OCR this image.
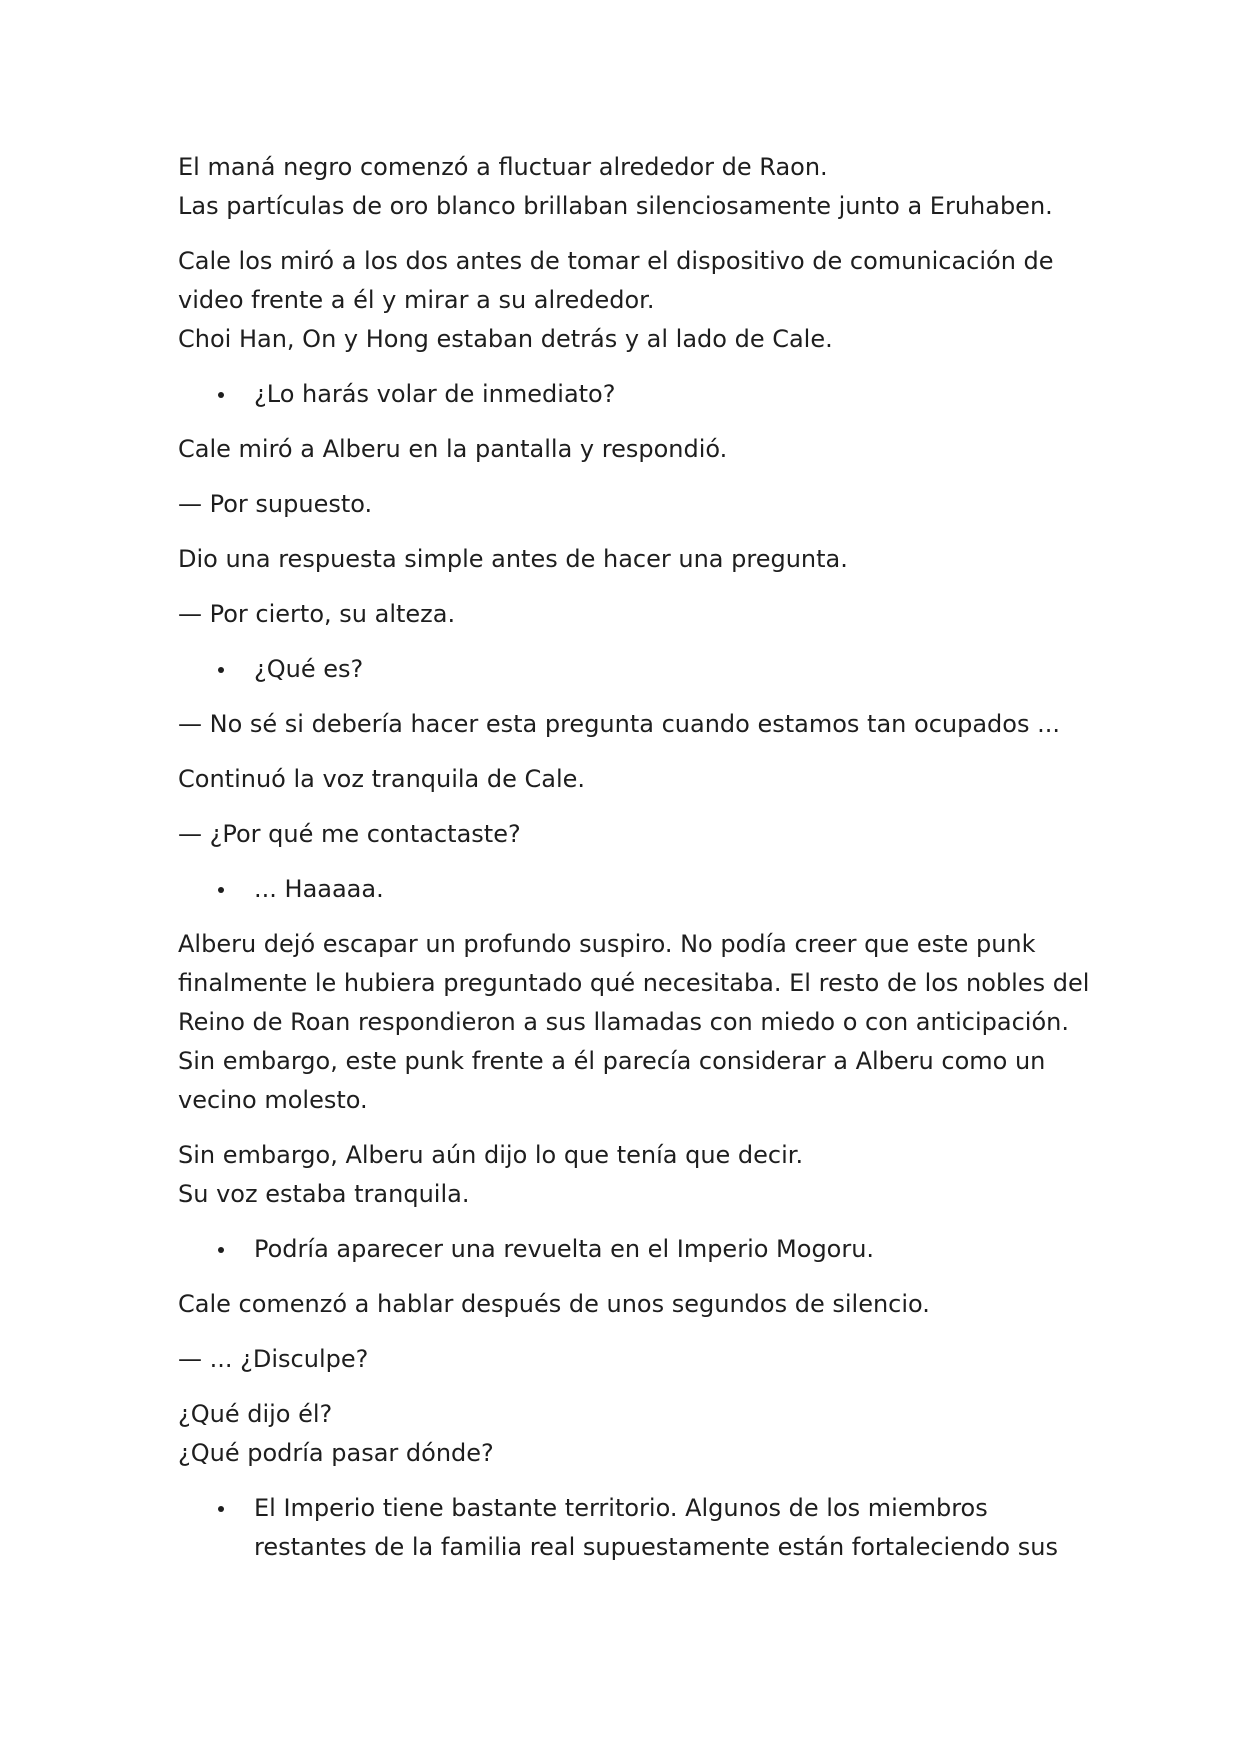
El maná negro comenzó a fluctuar alrededor de Raon.
Las partículas de oro blanco brillaban silenciosamente junto a Eruhaben.
Cale los miró a los dos antes de tomar el dispositivo de comunicación de
video frente a él y mirar a su alrededor.
Choi Han, On y Hong estaban detrás y al lado de Cale.
¿Lo harás volar de inmediato?
Cale miró a Alberu en la pantalla y respondió.
— Por supuesto.
Dio una respuesta simple antes de hacer una pregunta.
— Por cierto, su alteza.
¿Qué es?
— No sé si debería hacer esta pregunta cuando estamos tan ocupados ...
Continuó la voz tranquila de Cale.
— ¿Por qué me contactaste?
... Haaaaa.
Alberu dejó escapar un profundo suspiro. No podía creer que este punk
finalmente le hubiera preguntado qué necesitaba. El resto de los nobles del
Reino de Roan respondieron a sus llamadas con miedo o con anticipación.
Sin embargo, este punk frente a él parecía considerar a Alberu como un
vecino molesto.
Sin embargo, Alberu aún dijo lo que tenía que decir.
Su voz estaba tranquila.
Podría aparecer una revuelta en el Imperio Mogoru.
Cale comenzó a hablar después de unos segundos de silencio.
— ... ¿Disculpe?
¿Qué dijo él?
¿Qué podría pasar dónde?
El Imperio tiene bastante territorio. Algunos de los miembros
restantes de la familia real supuestamente están fortaleciendo sus
